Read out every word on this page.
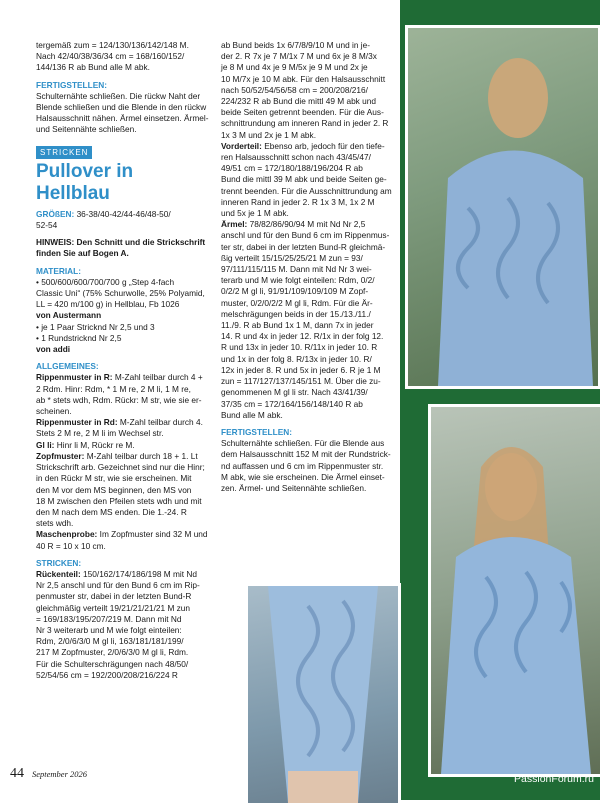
tergemäß zum = 124/130/136/142/148 M.

Nach 42/40/38/36/34 cm = 168/160/152/

144/136 R ab Bund alle M abk.

FERTIGSTELLEN:

Schulternähte schließen. Die rückw Naht der

Blende schließen und die Blende in den rückw

Halsausschnitt nähen. Ärmel einsetzen. Ärmel-

und Seitennähte schließen.

STRICKEN
Pullover in Hellblau

GRÖßEN: 36-38/40-42/44-46/48-50/

52-54

HINWEIS: Den Schnitt und die Strickschrift

finden Sie auf Bogen A.

MATERIAL:

• 500/600/600/700/700 g „Step 4-fach

Classic Uni“ (75% Schurwolle, 25% Polyamid,

LL = 420 m/100 g) in Hellblau, Fb 1026

von Austermann

• je 1 Paar Stricknd Nr 2,5 und 3

• 1 Rundstricknd Nr 2,5

von addi

ALLGEMEINES:

Rippenmuster in R: M-Zahl teilbar durch 4 +

2 Rdm. Hinr: Rdm, * 1 M re, 2 M li, 1 M re,

ab * stets wdh, Rdm. Rückr: M str, wie sie er-

scheinen.

Rippenmuster in Rd: M-Zahl teilbar durch 4.

Stets 2 M re, 2 M li im Wechsel str.

Gl li: Hinr li M, Rückr re M.

Zopfmuster: M-Zahl teilbar durch 18 + 1. Lt

Strickschrift arb. Gezeichnet sind nur die Hinr;

in den Rückr M str, wie sie erscheinen. Mit

den M vor dem MS beginnen, den MS von

18 M zwischen den Pfeilen stets wdh und mit

den M nach dem MS enden. Die 1.-24. R

stets wdh.

Maschenprobe: Im Zopfmuster sind 32 M und

40 R = 10 x 10 cm.

STRICKEN:

Rückenteil: 150/162/174/186/198 M mit Nd

Nr 2,5 anschl und für den Bund 6 cm im Rip-

penmuster str, dabei in der letzten Bund-R

gleichmäßig verteilt 19/21/21/21/21 M zun

= 169/183/195/207/219 M. Dann mit Nd

Nr 3 weiterarb und M wie folgt einteilen:

Rdm, 2/0/6/3/0 M gl li, 163/181/181/199/

217 M Zopfmuster, 2/0/6/3/0 M gl li, Rdm.

Für die Schulterschrägungen nach 48/50/

52/54/56 cm = 192/200/208/216/224 R

ab Bund beids 1x 6/7/8/9/10 M und in je-

der 2. R 7x je 7 M/1x 7 M und 6x je 8 M/3x

je 8 M und 4x je 9 M/5x je 9 M und 2x je

10 M/7x je 10 M abk. Für den Halsausschnitt

nach 50/52/54/56/58 cm = 200/208/216/

224/232 R ab Bund die mittl 49 M abk und

beide Seiten getrennt beenden. Für die Aus-

schnittrundung am inneren Rand in jeder 2. R

1x 3 M und 2x je 1 M abk.

Vorderteil: Ebenso arb, jedoch für den tiefe-

ren Halsausschnitt schon nach 43/45/47/

49/51 cm = 172/180/188/196/204 R ab

Bund die mittl 39 M abk und beide Seiten ge-

trennt beenden. Für die Ausschnittrundung am

inneren Rand in jeder 2. R 1x 3 M, 1x 2 M

und 5x je 1 M abk.

Ärmel: 78/82/86/90/94 M mit Nd Nr 2,5

anschl und für den Bund 6 cm im Rippenmus-

ter str, dabei in der letzten Bund-R gleichmä-

ßig verteilt 15/15/25/25/21 M zun = 93/

97/111/115/115 M. Dann mit Nd Nr 3 wei-

terarb und M wie folgt einteilen: Rdm, 0/2/

0/2/2 M gl li, 91/91/109/109/109 M Zopf-

muster, 0/2/0/2/2 M gl li, Rdm. Für die Är-

melschrägungen beids in der 15./13./11./

11./9. R ab Bund 1x 1 M, dann 7x in jeder

14. R und 4x in jeder 12. R/1x in der folg 12.

R und 13x in jeder 10. R/11x in jeder 10. R

und 1x in der folg 8. R/13x in jeder 10. R/

12x in jeder 8. R und 5x in jeder 6. R je 1 M

zun = 117/127/137/145/151 M. Über die zu-

genommenen M gl li str. Nach 43/41/39/

37/35 cm = 172/164/156/148/140 R ab

Bund alle M abk.

FERTIGSTELLEN:

Schulternähte schließen. Für die Blende aus

dem Halsausschnitt 152 M mit der Rundstrick-

nd auffassen und 6 cm im Rippenmuster str.

M abk, wie sie erscheinen. Die Ärmel einset-

zen. Ärmel- und Seitennähte schließen.

44 September 2026	PassionForum.ru
